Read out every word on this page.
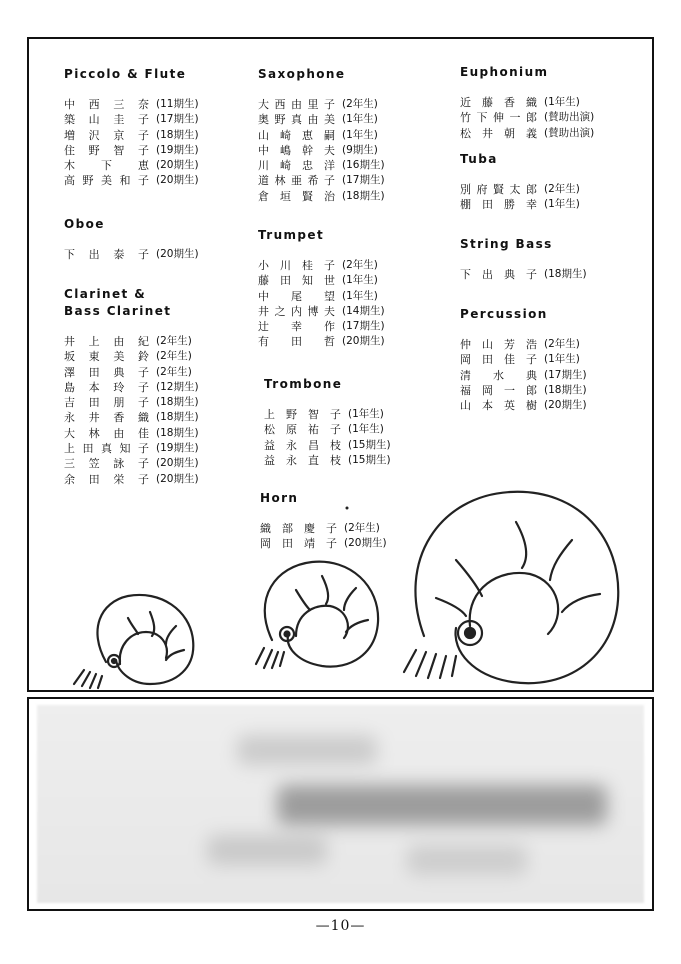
Piccolo & Flute
中西三奈 (11期生)
築山圭子 (17期生)
増沢京子 (18期生)
住野智子 (19期生)
木下恵 (20期生)
高野美和子 (20期生)
Oboe
下出泰子 (20期生)
Clarinet &
Bass Clarinet
井上由紀 (2年生)
坂東美鈴 (2年生)
澤田典子 (2年生)
島本玲子 (12期生)
吉田朋子 (18期生)
永井香織 (18期生)
大林由佳 (18期生)
上田真知子 (19期生)
三笠詠子 (20期生)
余田栄子 (20期生)
Saxophone
大西由里子 (2年生)
奥野真由美 (1年生)
山崎恵嗣 (1年生)
中嶋幹夫 (9期生)
川崎忠洋 (16期生)
道林亜希子 (17期生)
倉垣賢治 (18期生)
Trumpet
小川桂子 (2年生)
藤田知世 (1年生)
中尾望 (1年生)
井之内博夫 (14期生)
辻幸作 (17期生)
有田哲 (20期生)
Trombone
上野智子 (1年生)
松原祐子 (1年生)
益永昌枝 (15期生)
益永直枝 (15期生)
Horn
織部慶子 (2年生)
岡田靖子 (20期生)
Euphonium
近藤香織 (1年生)
竹下伸一郎 (賛助出演)
松井朝義 (賛助出演)
Tuba
別府賢太郎 (2年生)
棚田勝幸 (1年生)
String Bass
下出典子 (18期生)
Percussion
仲山芳浩 (2年生)
岡田佳子 (1年生)
清水典 (17期生)
福岡一郎 (18期生)
山本英樹 (20期生)
—10—
